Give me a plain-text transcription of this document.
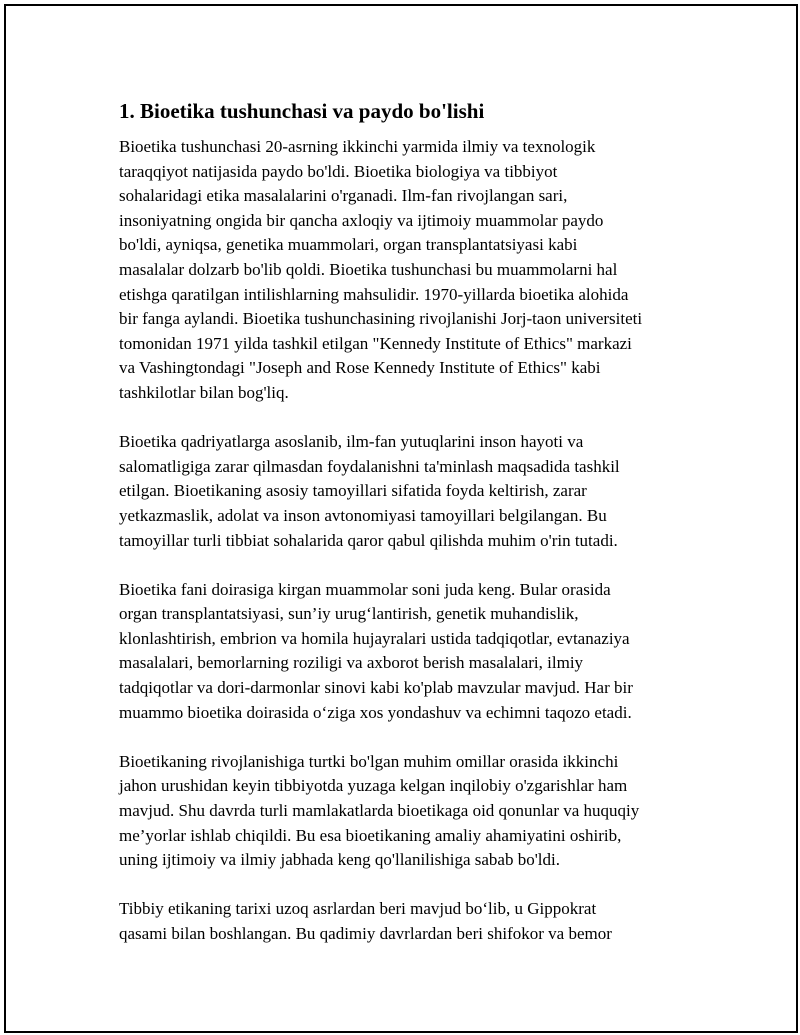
1. Bioetika tushunchasi va paydo bo'lishi

Bioetika tushunchasi 20-asrning ikkinchi yarmida ilmiy va texnologik
taraqqiyot natijasida paydo bo'ldi. Bioetika biologiya va tibbiyot
sohalaridagi etika masalalarini o'rganadi. Ilm-fan rivojlangan sari,
insoniyatning ongida bir qancha axloqiy va ijtimoiy muammolar paydo
bo'ldi, ayniqsa, genetika muammolari, organ transplantatsiyasi kabi
masalalar dolzarb bo'lib qoldi. Bioetika tushunchasi bu muammolarni hal
etishga qaratilgan intilishlarning mahsulidir. 1970-yillarda bioetika alohida
bir fanga aylandi. Bioetika tushunchasining rivojlanishi Jorj-taon universiteti
tomonidan 1971 yilda tashkil etilgan "Kennedy Institute of Ethics" markazi
va Vashingtondagi "Joseph and Rose Kennedy Institute of Ethics" kabi
tashkilotlar bilan bog'liq.

Bioetika qadriyatlarga asoslanib, ilm-fan yutuqlarini inson hayoti va
salomatligiga zarar qilmasdan foydalanishni ta'minlash maqsadida tashkil
etilgan. Bioetikaning asosiy tamoyillari sifatida foyda keltirish, zarar
yetkazmaslik, adolat va inson avtonomiyasi tamoyillari belgilangan. Bu
tamoyillar turli tibbiat sohalarida qaror qabul qilishda muhim o'rin tutadi.

Bioetika fani doirasiga kirgan muammolar soni juda keng. Bular orasida
organ transplantatsiyasi, sun’iy urug‘lantirish, genetik muhandislik,
klonlashtirish, embrion va homila hujayralari ustida tadqiqotlar, evtanaziya
masalalari, bemorlarning roziligi va axborot berish masalalari, ilmiy
tadqiqotlar va dori-darmonlar sinovi kabi ko'plab mavzular mavjud. Har bir
muammo bioetika doirasida o‘ziga xos yondashuv va echimni taqozo etadi.

Bioetikaning rivojlanishiga turtki bo'lgan muhim omillar orasida ikkinchi
jahon urushidan keyin tibbiyotda yuzaga kelgan inqilobiy o'zgarishlar ham
mavjud. Shu davrda turli mamlakatlarda bioetikaga oid qonunlar va huquqiy
me’yorlar ishlab chiqildi. Bu esa bioetikaning amaliy ahamiyatini oshirib,
uning ijtimoiy va ilmiy jabhada keng qo'llanilishiga sabab bo'ldi.

Tibbiy etikaning tarixi uzoq asrlardan beri mavjud bo‘lib, u Gippokrat
qasami bilan boshlangan. Bu qadimiy davrlardan beri shifokor va bemor
